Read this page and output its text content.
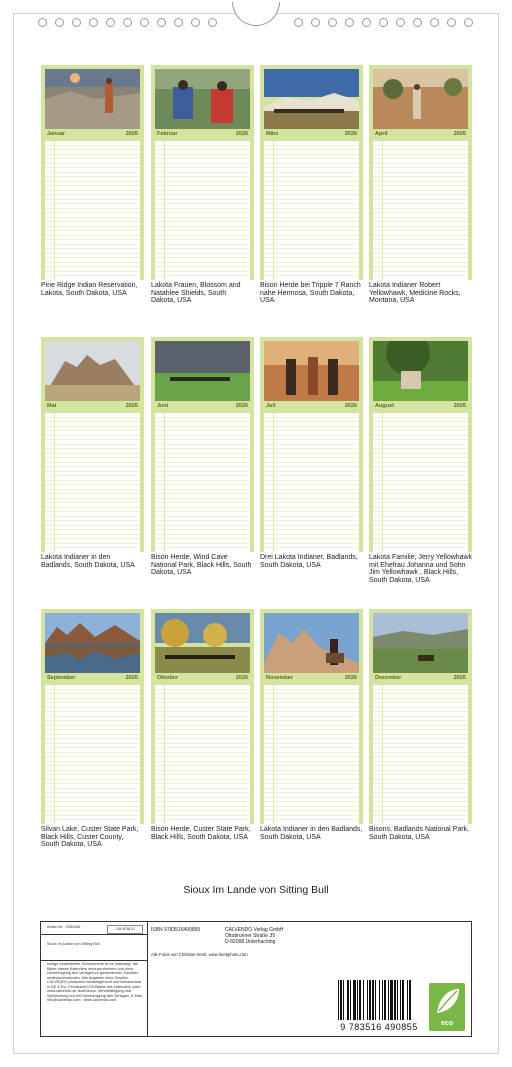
Januar	2026	Februar	2026	März	2026	April	2026
Mai	2026	Juni	2026	Juli	2026	August	2026
September	2026	Oktober	2026	November	2026	Dezember	2026
Pine Ridge Indian Reservation, Lakota, South Dakota, USA
Lakota Frauen, Blossom and Natahlee Shields, South Dakota, USA
Bison Herde bei Tripple 7 Ranch nahe Hermosa, South Dakota, USA
Lakota Indianer Robert Yellowhawk, Medicine Rocks, Montana, USA
Lakota Indianer in den Badlands, South Dakota, USA
Bison Herde, Wind Cave National Park, Black Hills, South Dakota, USA
Drei Lakota Indianer, Badlands, South Dakota, USA
Lakota Familie, Jerry Yellowhawk mit Ehefrau Johanna und Sohn Jim Yellowhawk , Black Hills, South Dakota, USA
Silvan Lake, Custer State Park, Black Hills, Custer County, South Dakota, USA
Bison Herde, Custer State Park, Black Hills, South Dakota, USA
Lakota Indianer in den Badlands, South Dakota, USA
Bisons, Badlands National Park, South Dakota, USA
Sioux Im Lande von Sitting Bull
Artikel Nr.: 2084166	CALVENDO
Sioux Im Lande von Sitting Bull
Infolge bestehender Schutzrechte ist es untersagt, die Bilder dieses Kalenders herauszutrennen und ohne Genehmigung des Verlages zu gewerblichen Zwecken weiterzuverwenden. Alle Angaben ohne Gewähr. CALVENDO produziert bedarfsgerecht und klimaneutral in DE & EU. Feedback/CO2-Bilanz des Kalenders unter: www.calvendo.de Nachdruck, Vervielfältigung und Speicherung nur mit Genehmigung des Verlages. E-Mail: info@calvendo.com · www.calvendo.com
ISBN 9783516490855	CALVENDO Verlag GmbH
Ottobrunner Straße 39
D-82008 Unterhaching
Alle Fotos von Christian Heeb, www.heebphoto.com
9 783516 490855	eco
